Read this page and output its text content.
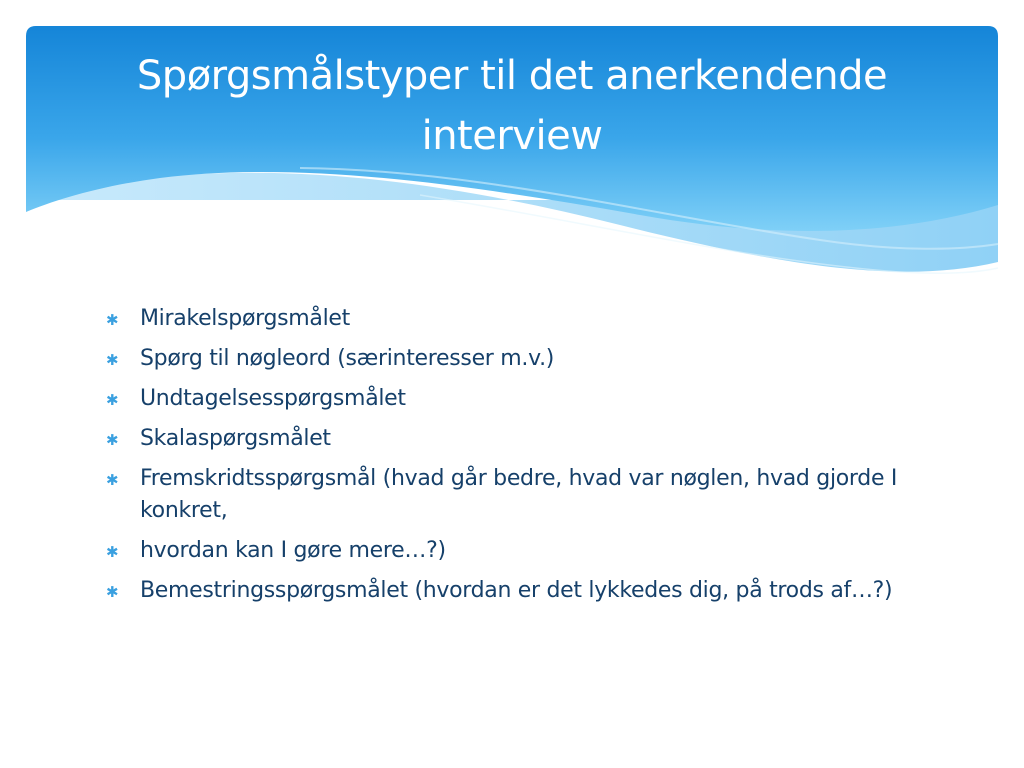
Spørgsmålstyper til det anerkendende interview
✱ Mirakelspørgsmålet
✱ Spørg til nøgleord (særinteresser m.v.)
✱ Undtagelsesspørgsmålet
✱ Skalaspørgsmålet
✱ Fremskridtsspørgsmål (hvad går bedre, hvad var nøglen, hvad gjorde I konkret,
✱ hvordan kan I gøre mere…?)
✱ Bemestringsspørgsmålet (hvordan er det lykkedes dig, på trods af…?)
